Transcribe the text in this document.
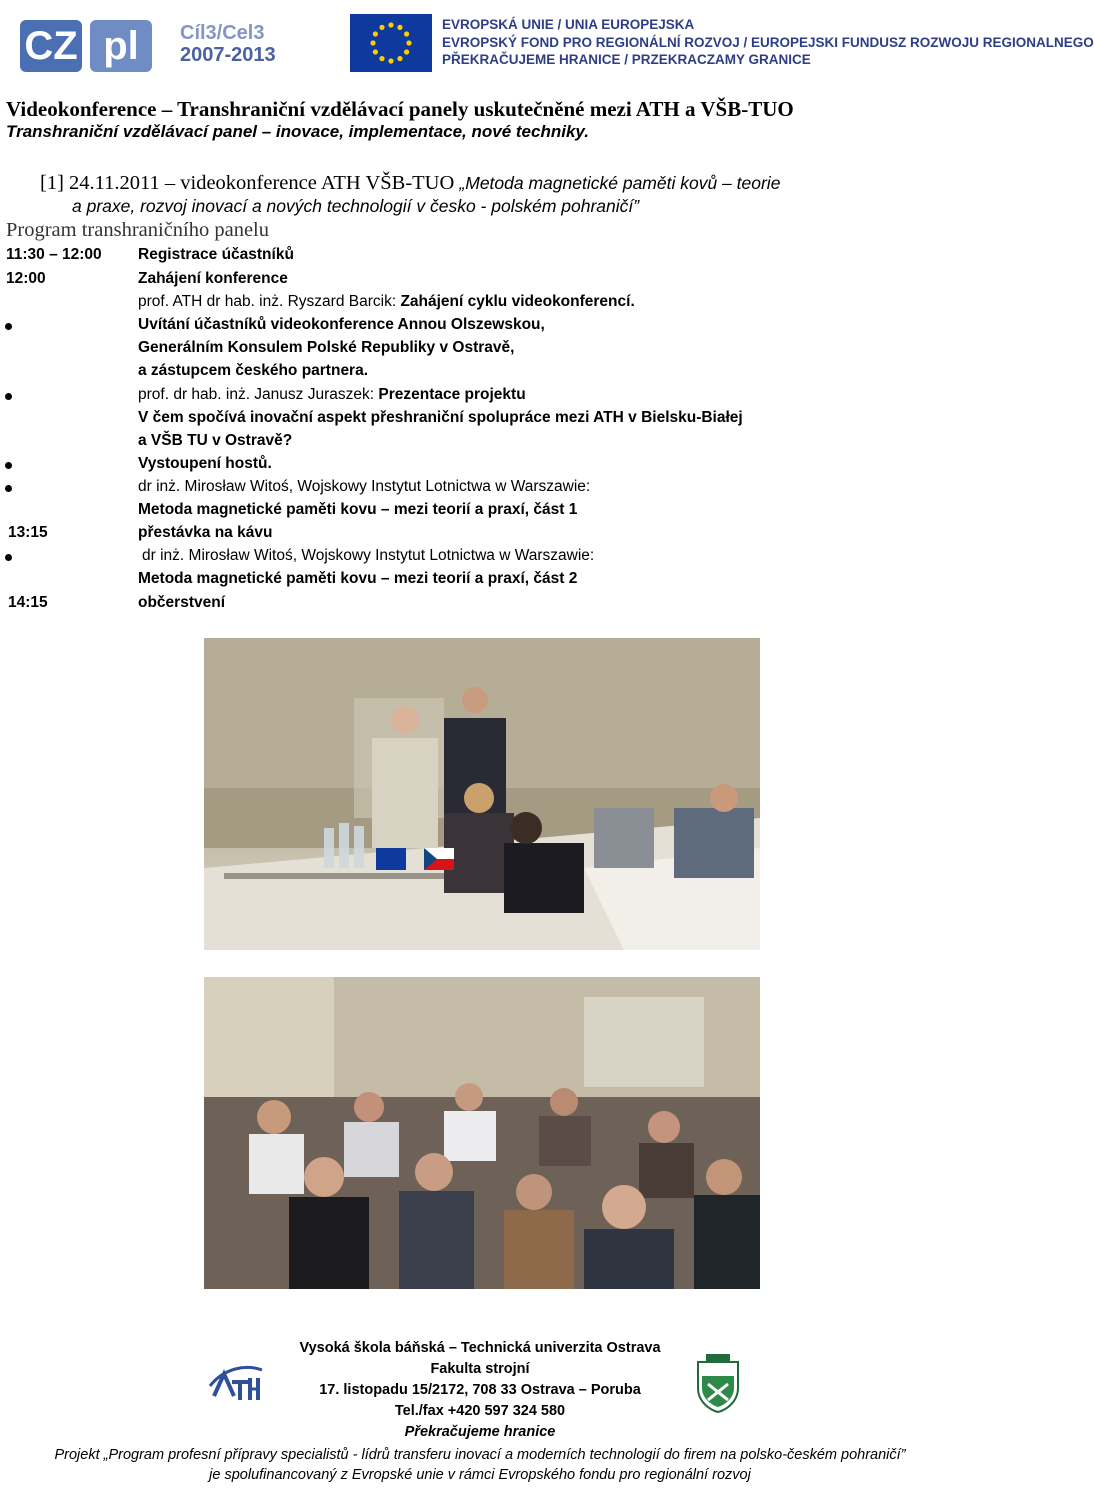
CZ pl	Cíl3/Cel3
2007-2013
EVROPSKÁ UNIE / UNIA EUROPEJSKA
EVROPSKÝ FOND PRO REGIONÁLNÍ ROZVOJ / EUROPEJSKI FUNDUSZ ROZWOJU REGIONALNEGO
PŘEKRAČUJEME HRANICE / PRZEKRACZAMY GRANICE
Videokonference – Transhraniční vzdělávací panely uskutečněné mezi ATH a VŠB-TUO
Transhraniční vzdělávací panel – inovace, implementace, nové techniky.
[1] 24.11.2011 – videokonference ATH VŠB-TUO „Metoda magnetické paměti kovů – teorie
a praxe, rozvoj inovací a nových technologií v česko - polském pohraničí”
Program transhraničního panelu
11:30 – 12:00 Registrace účastníků
12:00	Zahájení konference
prof. ATH dr hab. inż. Ryszard Barcik: Zahájení cyklu videokonferencí.
Uvítání účastníků videokonference Annou Olszewskou,
Generálním Konsulem Polské Republiky v Ostravě,
a zástupcem českého partnera.
prof. dr hab. inż. Janusz Juraszek: Prezentace projektu
V čem spočívá inovační aspekt přeshraniční spolupráce mezi ATH v Bielsku-Białej
a VŠB TU v Ostravě?
Vystoupení hostů.
dr inż. Mirosław Witoś, Wojskowy Instytut Lotnictwa w Warszawie:
Metoda magnetické paměti kovu – mezi teorií a praxí, část 1
13:15	přestávka na kávu
dr inż. Mirosław Witoś, Wojskowy Instytut Lotnictwa w Warszawie:
Metoda magnetické paměti kovu – mezi teorií a praxí, část 2
14:15	občerstvení
Vysoká škola báňská – Technická univerzita Ostrava
Fakulta strojní
17. listopadu 15/2172, 708 33 Ostrava – Poruba
Tel./fax +420 597 324 580
Překračujeme hranice
Projekt „Program profesní přípravy specialistů - lídrů transferu inovací a moderních technologií do firem na polsko-českém pohraničí”
je spolufinancovaný z Evropské unie v rámci Evropského fondu pro regionální rozvoj
